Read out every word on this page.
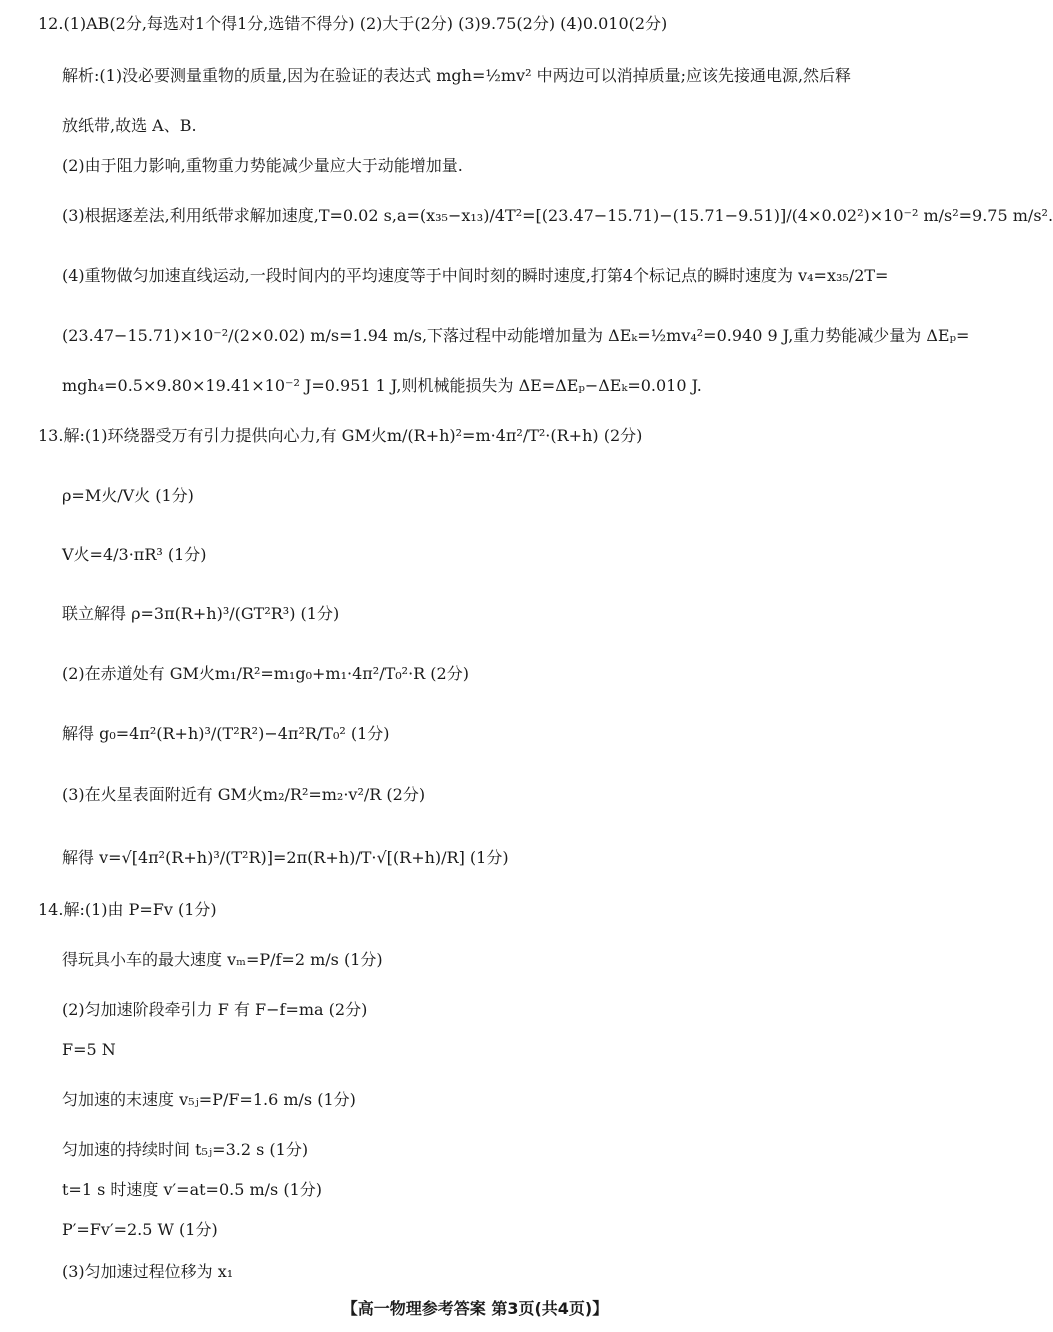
12.(1)AB(2分,每选对1个得1分,选错不得分) (2)大于(2分) (3)9.75(2分) (4)0.010(2分)
解析:(1)没必要测量重物的质量,因为在验证的表达式 mgh=½mv² 中两边可以消掉质量;应该先接通电源,然后释
放纸带,故选 A、B.
(2)由于阻力影响,重物重力势能减少量应大于动能增加量.
(3)根据逐差法,利用纸带求解加速度,T=0.02 s,a=(x₃₅−x₁₃)/4T²=[(23.47−15.71)−(15.71−9.51)]/(4×0.02²)×10⁻² m/s²=9.75 m/s².
(4)重物做匀加速直线运动,一段时间内的平均速度等于中间时刻的瞬时速度,打第4个标记点的瞬时速度为 v₄=x₃₅/2T=
(23.47−15.71)×10⁻²/(2×0.02) m/s=1.94 m/s,下落过程中动能增加量为 ΔEₖ=½mv₄²=0.940 9 J,重力势能减少量为 ΔEₚ=
mgh₄=0.5×9.80×19.41×10⁻² J=0.951 1 J,则机械能损失为 ΔE=ΔEₚ−ΔEₖ=0.010 J.
13.解:(1)环绕器受万有引力提供向心力,有 GM火m/(R+h)²=m·4π²/T²·(R+h) (2分)
ρ=M火/V火 (1分)
V火=4/3·πR³ (1分)
联立解得 ρ=3π(R+h)³/(GT²R³) (1分)
(2)在赤道处有 GM火m₁/R²=m₁g₀+m₁·4π²/T₀²·R (2分)
解得 g₀=4π²(R+h)³/(T²R²)−4π²R/T₀² (1分)
(3)在火星表面附近有 GM火m₂/R²=m₂·v²/R (2分)
解得 v=√[4π²(R+h)³/(T²R)]=2π(R+h)/T·√[(R+h)/R] (1分)
14.解:(1)由 P=Fv (1分)
得玩具小车的最大速度 vₘ=P/f=2 m/s (1分)
(2)匀加速阶段牵引力 F 有 F−f=ma (2分)
F=5 N
匀加速的末速度 v₅ⱼ=P/F=1.6 m/s (1分)
匀加速的持续时间 t₅ⱼ=3.2 s (1分)
t=1 s 时速度 v′=at=0.5 m/s (1分)
P′=Fv′=2.5 W (1分)
(3)匀加速过程位移为 x₁
【高一物理参考答案 第3页(共4页)】
